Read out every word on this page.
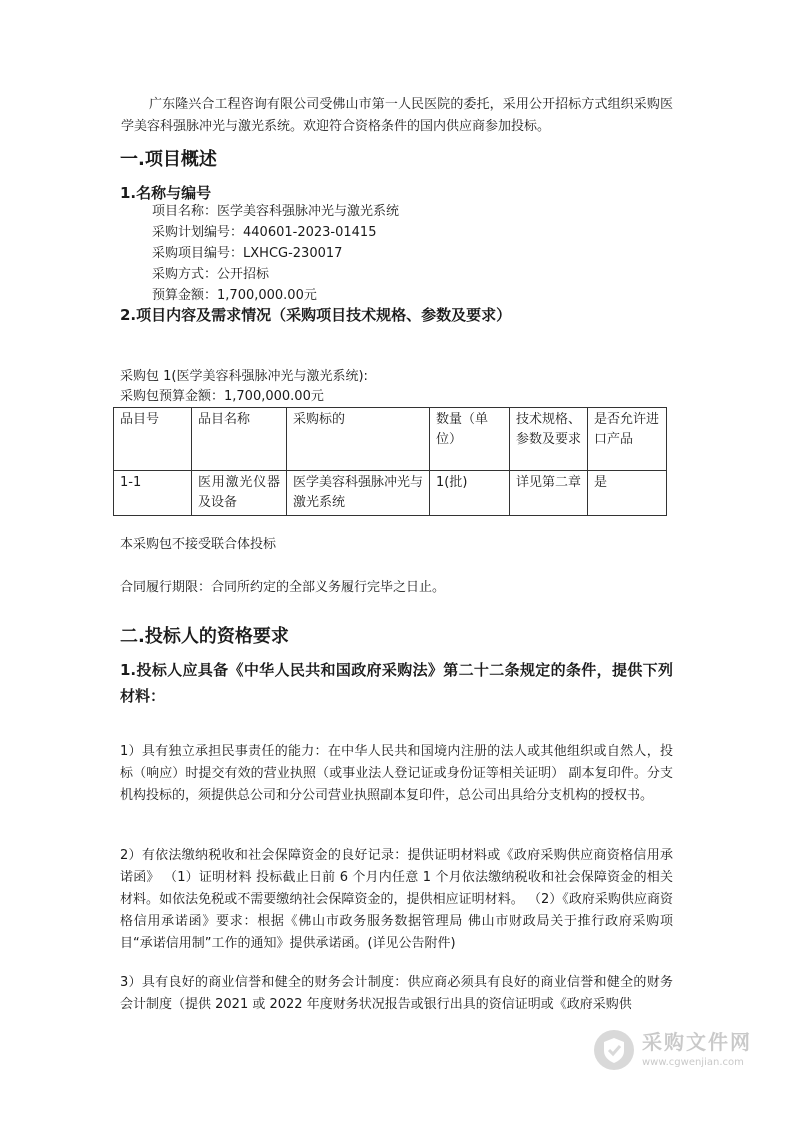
广东隆兴合工程咨询有限公司受佛山市第一人民医院的委托，采用公开招标方式组织采购医学美容科强脉冲光与激光系统。欢迎符合资格条件的国内供应商参加投标。

一.项目概述

1.名称与编号

项目名称：医学美容科强脉冲光与激光系统
采购计划编号：440601-2023-01415
采购项目编号：LXHCG-230017
采购方式：公开招标
预算金额：1,700,000.00元

2.项目内容及需求情况（采购项目技术规格、参数及要求）

采购包 1(医学美容科强脉冲光与激光系统):

采购包预算金额：1,700,000.00元

品目号	品目名称	采购标的	数量（单位）	技术规格、参数及要求	是否允许进口产品
1-1	医用激光仪器及设备	医学美容科强脉冲光与激光系统	1(批)	详见第二章	是

本采购包不接受联合体投标

合同履行期限：合同所约定的全部义务履行完毕之日止。

二.投标人的资格要求

1.投标人应具备《中华人民共和国政府采购法》第二十二条规定的条件，提供下列材料：

1）具有独立承担民事责任的能力：在中华人民共和国境内注册的法人或其他组织或自然人，投标（响应）时提交有效的营业执照（或事业法人登记证或身份证等相关证明） 副本复印件。分支机构投标的，须提供总公司和分公司营业执照副本复印件，总公司出具给分支机构的授权书。

2）有依法缴纳税收和社会保障资金的良好记录：提供证明材料或《政府采购供应商资格信用承诺函》 （1）证明材料 投标截止日前 6 个月内任意 1 个月依法缴纳税收和社会保障资金的相关材料。如依法免税或不需要缴纳社会保障资金的，提供相应证明材料。 （2）《政府采购供应商资格信用承诺函》要求：根据《佛山市政务服务数据管理局 佛山市财政局关于推行政府采购项目“承诺信用制”工作的通知》提供承诺函。(详见公告附件)

3）具有良好的商业信誉和健全的财务会计制度：供应商必须具有良好的商业信誉和健全的财务会计制度（提供 2021 或 2022 年度财务状况报告或银行出具的资信证明或《政府采购供

采购文件网
www.cgwenjian.com
